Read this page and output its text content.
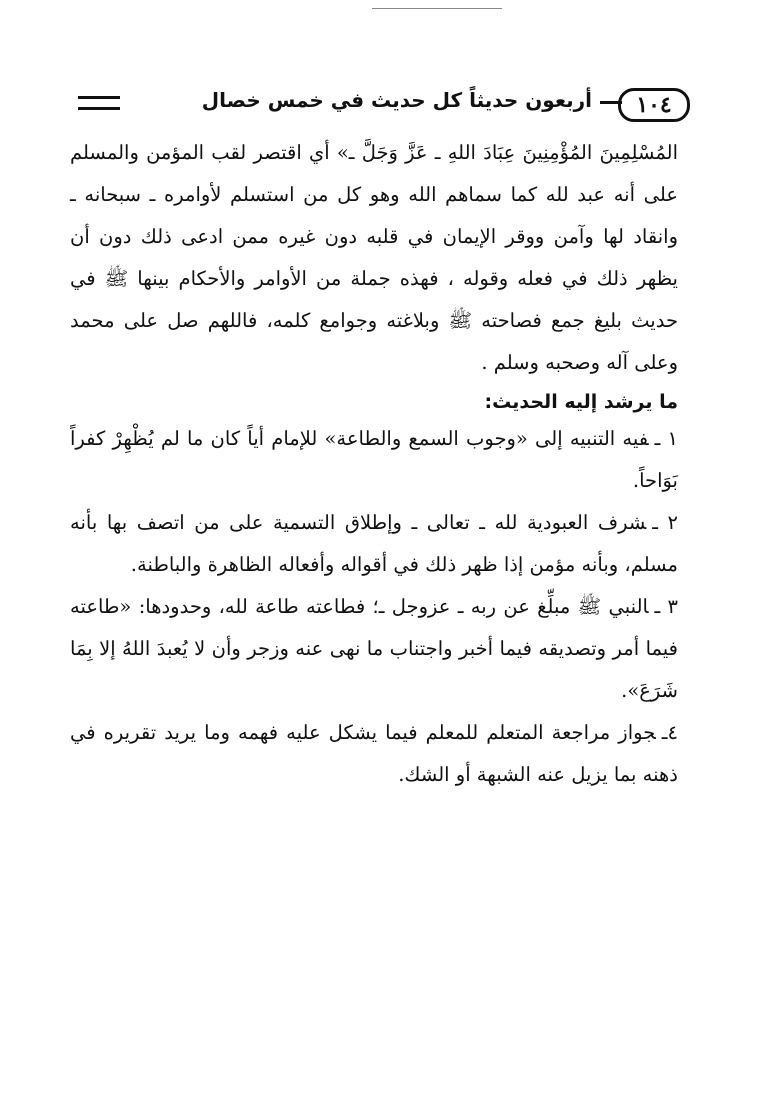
١٠٤
أربعون حديثاً كل حديث في خمس خصال

المُسْلِمِينَ المُؤْمِنِينَ عِبَادَ اللهِ ـ عَزَّ وَجَلَّ ـ» أي اقتصر لقب المؤمن والمسلم على أنه عبد لله كما سماهم الله وهو كل من استسلم لأوامره ـ سبحانه ـ وانقاد لها وآمن ووقر الإيمان في قلبه دون غيره ممن ادعى ذلك دون أن يظهر ذلك في فعله وقوله ، فهذه جملة من الأوامر والأحكام بينها ﷺ في حديث بليغ جمع فصاحته ﷺ وبلاغته وجوامع كلمه، فاللهم صل على محمد وعلى آله وصحبه وسلم .

ما يرشد إليه الحديث:

١ ـفيه التنبيه إلى «وجوب السمع والطاعة» للإمام أياً كان ما لم يُظْهِرْ كفراً بَوَاحاً.

٢ ـشرف العبودية لله ـ تعالى ـ وإطلاق التسمية على من اتصف بها بأنه مسلم، وبأنه مؤمن إذا ظهر ذلك في أقواله وأفعاله الظاهرة والباطنة.

٣ ـالنبي ﷺ مبلِّغ عن ربه ـ عزوجل ـ؛ فطاعته طاعة لله، وحدودها: «طاعته فيما أمر وتصديقه فيما أخبر واجتناب ما نهى عنه وزجر وأن لا يُعبدَ اللهُ إلا بِمَا شَرَعَ».

٤ـجواز مراجعة المتعلم للمعلم فيما يشكل عليه فهمه وما يريد تقريره في ذهنه بما يزيل عنه الشبهة أو الشك.
